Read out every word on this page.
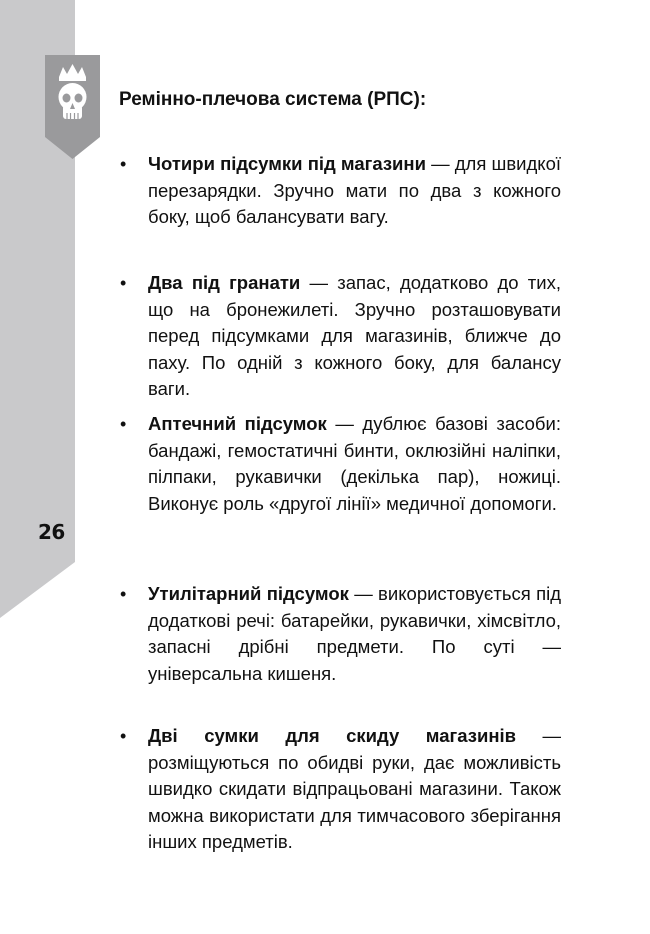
26
Ремінно-плечова система (РПС):
• Чотири підсумки під магазини — для швидкої перезарядки. Зручно мати по два з кожного боку, щоб балансувати вагу.
• Два під гранати — запас, додатково до тих, що на бронежилеті. Зручно розташовувати перед підсумками для магазинів, ближче до паху. По одній з кожного боку, для балансу ваги.
• Аптечний підсумок — дублює базові засоби: бандажі, гемостатичні бинти, оклюзійні наліпки, пілпаки, рукавички (декілька пар), ножиці. Виконує роль «другої лінії» медичної допомоги.
• Утилітарний підсумок — використовується під додаткові речі: батарейки, рукавички, хімсвітло, запасні дрібні предмети. По суті — універсальна кишеня.
• Дві сумки для скиду магазинів — розміщуються по обидві руки, дає можливість швидко скидати відпрацьовані магазини. Також можна використати для тимчасового зберігання інших предметів.
